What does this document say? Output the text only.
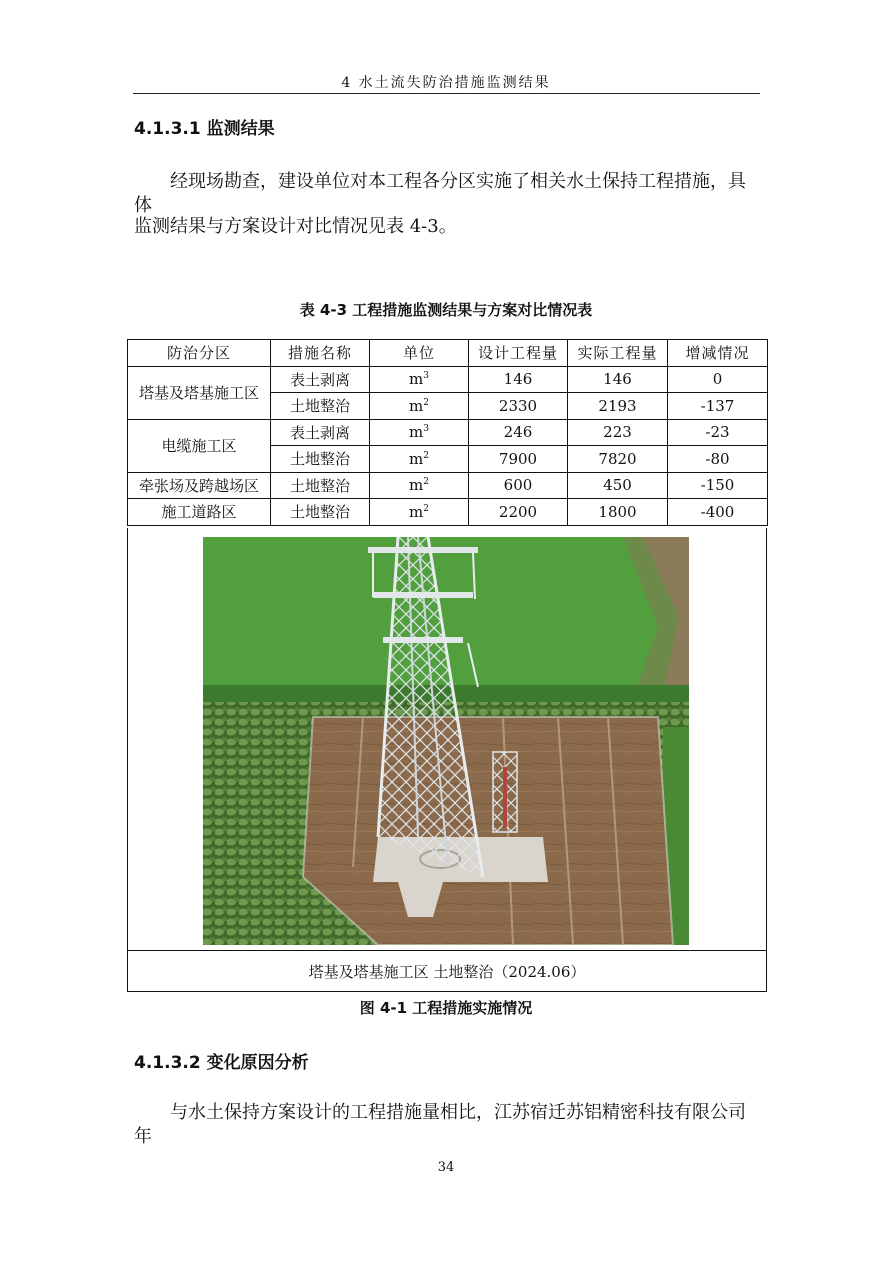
4 水土流失防治措施监测结果
4.1.3.1 监测结果
经现场勘查，建设单位对本工程各分区实施了相关水土保持工程措施，具体
监测结果与方案设计对比情况见表 4-3。
表 4-3 工程措施监测结果与方案对比情况表
防治分区	措施名称	单位	设计工程量	实际工程量	增减情况
塔基及塔基施工区	表土剥离	$m^3$	146	146	0
	土地整治	$m^2$	2330	2193	-137
电缆施工区	表土剥离	$m^3$	246	223	-23
	土地整治	$m^2$	7900	7820	-80
牵张场及跨越场区	土地整治	$m^2$	600	450	-150
施工道路区	土地整治	$m^2$	2200	1800	-400
塔基及塔基施工区 土地整治（2024.06）
图 4-1 工程措施实施情况
4.1.3.2 变化原因分析
与水土保持方案设计的工程措施量相比，江苏宿迁苏铝精密科技有限公司年
34
